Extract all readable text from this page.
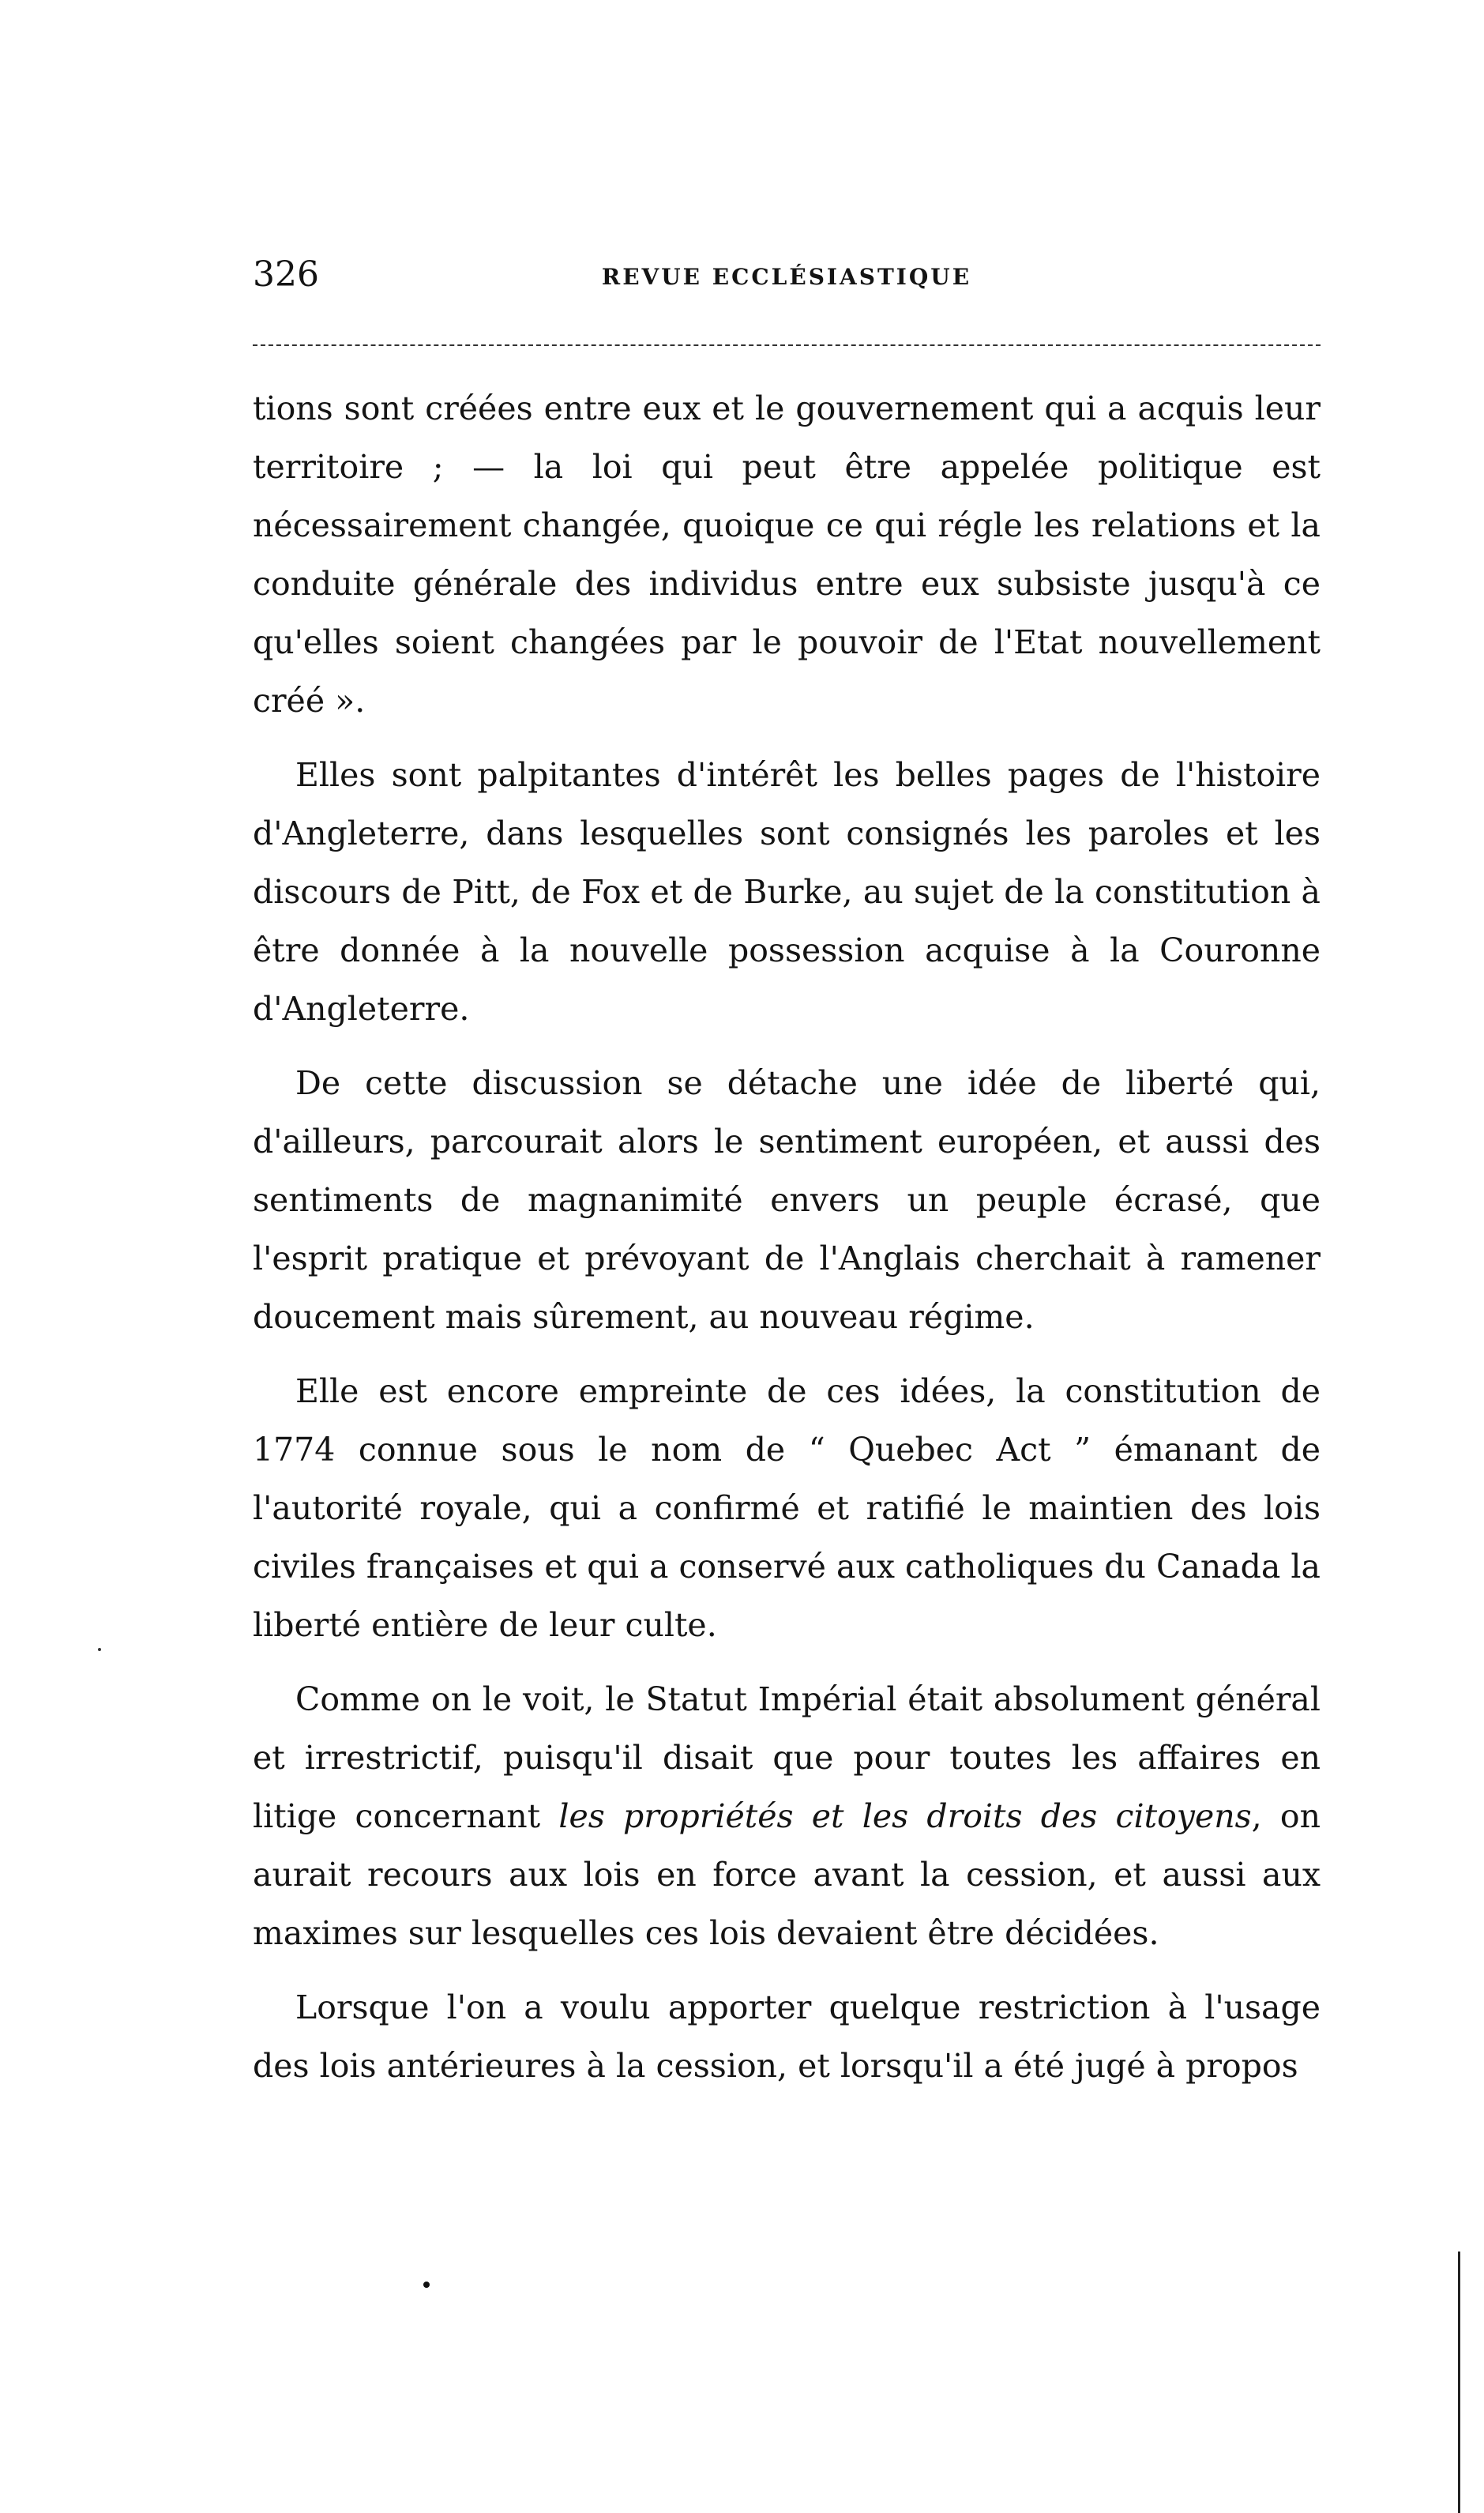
326	REVUE ECCLÉSIASTIQUE

tions sont créées entre eux et le gouvernement qui a acquis leur territoire ; — la loi qui peut être appelée politique est nécessairement changée, quoique ce qui régle les relations et la conduite générale des individus entre eux subsiste jusqu'à ce qu'elles soient changées par le pouvoir de l'Etat nouvellement créé ».

Elles sont palpitantes d'intérêt les belles pages de l'histoire d'Angleterre, dans lesquelles sont consignés les paroles et les discours de Pitt, de Fox et de Burke, au sujet de la constitution à être donnée à la nouvelle possession acquise à la Couronne d'Angleterre.

De cette discussion se détache une idée de liberté qui, d'ailleurs, parcourait alors le sentiment européen, et aussi des sentiments de magnanimité envers un peuple écrasé, que l'esprit pratique et prévoyant de l'Anglais cherchait à ramener doucement mais sûrement, au nouveau régime.

Elle est encore empreinte de ces idées, la constitution de 1774 connue sous le nom de “ Quebec Act ” émanant de l'autorité royale, qui a confirmé et ratifié le maintien des lois civiles françaises et qui a conservé aux catholiques du Canada la liberté entière de leur culte.

Comme on le voit, le Statut Impérial était absolument général et irrestrictif, puisqu'il disait que pour toutes les affaires en litige concernant les propriétés et les droits des citoyens, on aurait recours aux lois en force avant la cession, et aussi aux maximes sur lesquelles ces lois devaient être décidées.

Lorsque l'on a voulu apporter quelque restriction à l'usage des lois antérieures à la cession, et lorsqu'il a été jugé à propos
